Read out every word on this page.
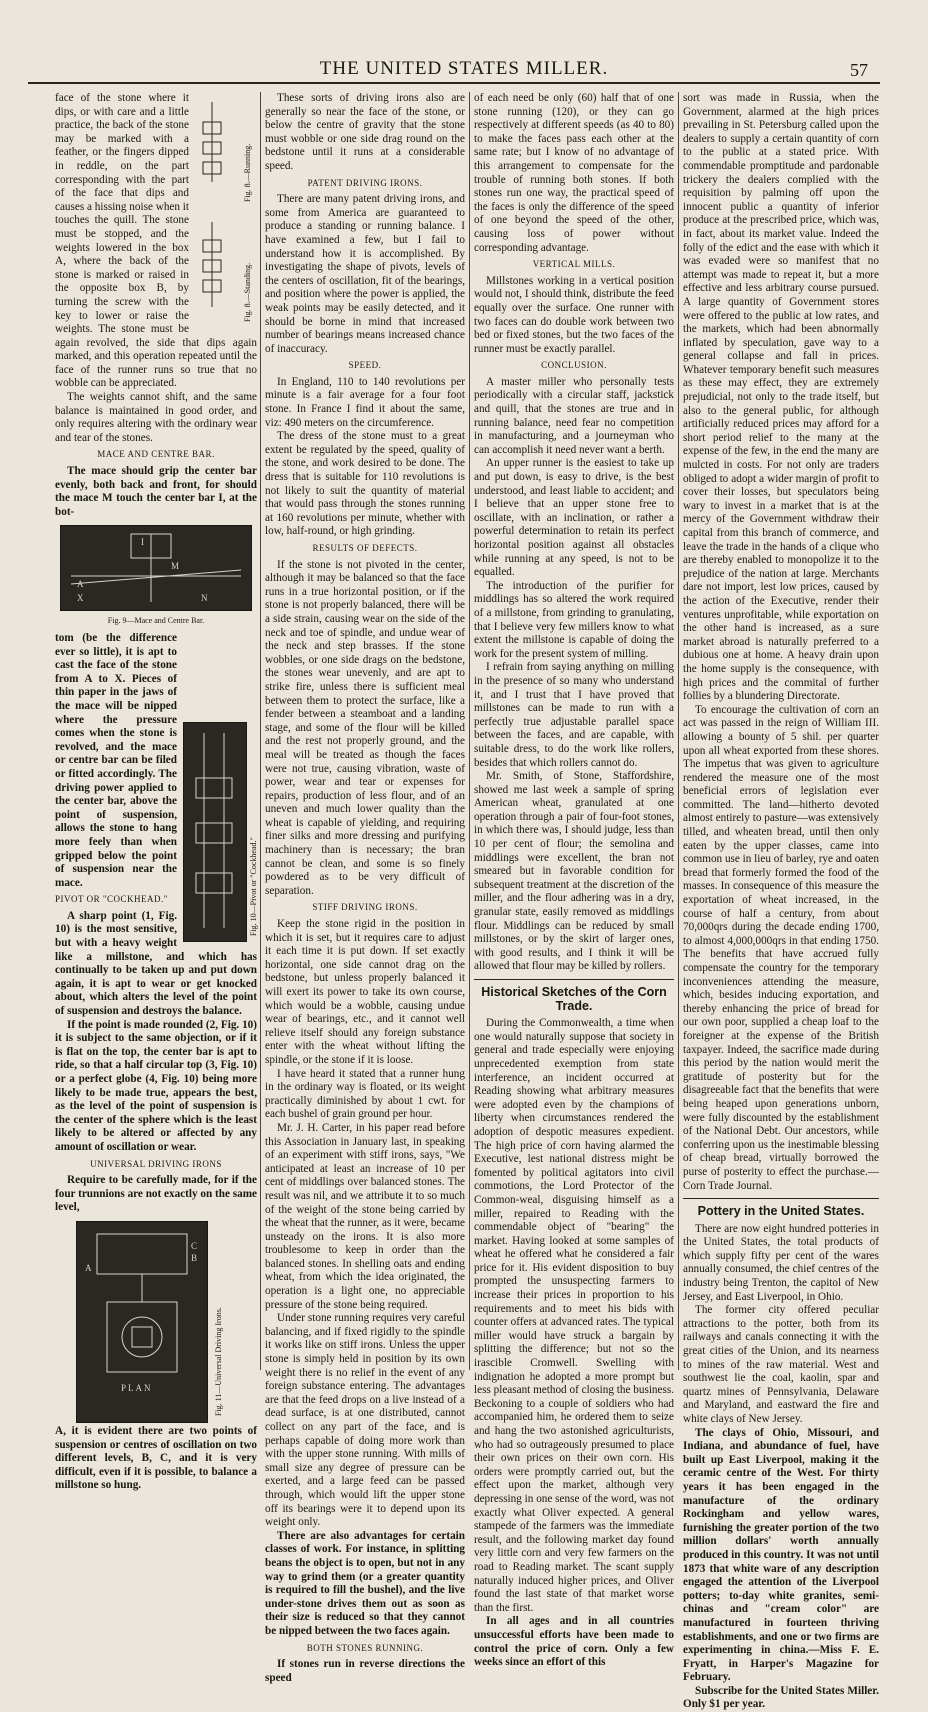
THE UNITED STATES MILLER.	57
Fig. 8.—Running.
Fig. 8.—Standing.

face of the stone where it dips, or with care and a little practice, the back of the stone may be marked with a feather, or the fingers dipped in reddle, on the part corresponding with the part of the face that dips and causes a hissing noise when it touches the quill. The stone must be stopped, and the weights lowered in the box A, where the back of the stone is marked or raised in the opposite box B, by turning the screw with the key to lower or raise the weights. The stone must be again revolved, the side that dips again marked, and this operation repeated until the face of the runner runs so true that no wobble can be appreciated.

The weights cannot shift, and the same balance is maintained in good order, and only requires altering with the ordinary wear and tear of the stones.

MACE AND CENTRE BAR.

The mace should grip the center bar evenly, both back and front, for should the mace M touch the center bar I, at the bot-

A
X
M
I
N
Fig. 9—Mace and Centre Bar.
Fig. 10—Pivot or "Cockhead."

tom (be the difference ever so little), it is apt to cast the face of the stone from A to X. Pieces of thin paper in the jaws of the mace will be nipped where the pressure comes when the stone is revolved, and the mace or centre bar can be filed or fitted accordingly. The driving power applied to the center bar, above the point of suspension, allows the stone to hang more feely than when gripped below the point of suspension near the mace.

PIVOT OR "COCKHEAD."

A sharp point (1, Fig. 10) is the most sensitive, but with a heavy weight like a millstone, and which has continually to be taken up and put down again, it is apt to wear or get knocked about, which alters the level of the point of suspension and destroys the balance.

If the point is made rounded (2, Fig. 10) it is subject to the same objection, or if it is flat on the top, the center bar is apt to ride, so that a half circular top (3, Fig. 10) or a perfect globe (4, Fig. 10) being more likely to be made true, appears the best, as the level of the point of suspension is the center of the sphere which is the least likely to be altered or affected by any amount of oscillation or wear.

UNIVERSAL DRIVING IRONS

Require to be carefully made, for if the four trunnions are not exactly on the same level,

B
C
A
PLAN	Fig. 11—Universal Driving Irons.

A, it is evident there are two points of suspension or centres of oscillation on two different levels, B, C, and it is very difficult, even if it is possible, to balance a millstone so hung.

These sorts of driving irons also are generally so near the face of the stone, or below the centre of gravity that the stone must wobble or one side drag round on the bedstone until it runs at a considerable speed.

PATENT DRIVING IRONS.

There are many patent driving irons, and some from America are guaranteed to produce a standing or running balance. I have examined a few, but I fail to understand how it is accomplished. By investigating the shape of pivots, levels of the centers of oscillation, fit of the bearings, and position where the power is applied, the weak points may be easily detected, and it should be borne in mind that increased number of bearings means increased chance of inaccuracy.

SPEED.

In England, 110 to 140 revolutions per minute is a fair average for a four foot stone. In France I find it about the same, viz: 490 meters on the circumference.

The dress of the stone must to a great extent be regulated by the speed, quality of the stone, and work desired to be done. The dress that is suitable for 110 revolutions is not likely to suit the quantity of material that would pass through the stones running at 160 revolutions per minute, whether with low, half-round, or high grinding.

RESULTS OF DEFECTS.

If the stone is not pivoted in the center, although it may be balanced so that the face runs in a true horizontal position, or if the stone is not properly balanced, there will be a side strain, causing wear on the side of the neck and toe of spindle, and undue wear of the neck and step brasses. If the stone wobbles, or one side drags on the bedstone, the stones wear unevenly, and are apt to strike fire, unless there is sufficient meal between them to protect the surface, like a fender between a steamboat and a landing stage, and some of the flour will be killed and the rest not properly ground, and the meal will be treated as though the faces were not true, causing vibration, waste of power, wear and tear or expenses for repairs, production of less flour, and of an uneven and much lower quality than the wheat is capable of yielding, and requiring finer silks and more dressing and purifying machinery than is necessary; the bran cannot be clean, and some is so finely powdered as to be very difficult of separation.

STIFF DRIVING IRONS.

Keep the stone rigid in the position in which it is set, but it requires care to adjust it each time it is put down. If set exactly horizontal, one side cannot drag on the bedstone, but unless properly balanced it will exert its power to take its own course, which would be a wobble, causing undue wear of bearings, etc., and it cannot well relieve itself should any foreign substance enter with the wheat without lifting the spindle, or the stone if it is loose.

I have heard it stated that a runner hung in the ordinary way is floated, or its weight practically diminished by about 1 cwt. for each bushel of grain ground per hour.

Mr. J. H. Carter, in his paper read before this Association in January last, in speaking of an experiment with stiff irons, says, "We anticipated at least an increase of 10 per cent of middlings over balanced stones. The result was nil, and we attribute it to so much of the weight of the stone being carried by the wheat that the runner, as it were, became unsteady on the irons. It is also more troublesome to keep in order than the balanced stones. In shelling oats and ending wheat, from which the idea originated, the operation is a light one, no appreciable pressure of the stone being required.

Under stone running requires very careful balancing, and if fixed rigidly to the spindle it works like on stiff irons. Unless the upper stone is simply held in position by its own weight there is no relief in the event of any foreign substance entering. The advantages are that the feed drops on a live instead of a dead surface, is at one distributed, cannot collect on any part of the face, and is perhaps capable of doing more work than with the upper stone running. With mills of small size any degree of pressure can be exerted, and a large feed can be passed through, which would lift the upper stone off its bearings were it to depend upon its weight only.

There are also advantages for certain classes of work. For instance, in splitting beans the object is to open, but not in any way to grind them (or a greater quantity is required to fill the bushel), and the live under-stone drives them out as soon as their size is reduced so that they cannot be nipped between the two faces again.

BOTH STONES RUNNING.

If stones run in reverse directions the speed

of each need be only (60) half that of one stone running (120), or they can go respectively at different speeds (as 40 to 80) to make the faces pass each other at the same rate; but I know of no advantage of this arrangement to compensate for the trouble of running both stones. If both stones run one way, the practical speed of the faces is only the difference of the speed of one beyond the speed of the other, causing loss of power without corresponding advantage.

VERTICAL MILLS.

Millstones working in a vertical position would not, I should think, distribute the feed equally over the surface. One runner with two faces can do double work between two bed or fixed stones, but the two faces of the runner must be exactly parallel.

CONCLUSION.

A master miller who personally tests periodically with a circular staff, jackstick and quill, that the stones are true and in running balance, need fear no competition in manufacturing, and a journeyman who can accomplish it need never want a berth.

An upper runner is the easiest to take up and put down, is easy to drive, is the best understood, and least liable to accident; and I believe that an upper stone free to oscillate, with an inclination, or rather a powerful determination to retain its perfect horizontal position against all obstacles while running at any speed, is not to be equalled.

The introduction of the purifier for middlings has so altered the work required of a millstone, from grinding to granulating, that I believe very few millers know to what extent the millstone is capable of doing the work for the present system of milling.

I refrain from saying anything on milling in the presence of so many who understand it, and I trust that I have proved that millstones can be made to run with a perfectly true adjustable parallel space between the faces, and are capable, with suitable dress, to do the work like rollers, besides that which rollers cannot do.

Mr. Smith, of Stone, Staffordshire, showed me last week a sample of spring American wheat, granulated at one operation through a pair of four-foot stones, in which there was, I should judge, less than 10 per cent of flour; the semolina and middlings were excellent, the bran not smeared but in favorable condition for subsequent treatment at the discretion of the miller, and the flour adhering was in a dry, granular state, easily removed as middlings flour. Middlings can be reduced by small millstones, or by the skirt of larger ones, with good results, and I think it will be allowed that flour may be killed by rollers.

Historical Sketches of the Corn Trade.

During the Commonwealth, a time when one would naturally suppose that society in general and trade especially were enjoying unprecedented exemption from state interference, an incident occurred at Reading showing what arbitrary measures were adopted even by the champions of liberty when circumstances rendered the adoption of despotic measures expedient. The high price of corn having alarmed the Executive, lest national distress might be fomented by political agitators into civil commotions, the Lord Protector of the Common-weal, disguising himself as a miller, repaired to Reading with the commendable object of "bearing" the market. Having looked at some samples of wheat he offered what he considered a fair price for it. His evident disposition to buy prompted the unsuspecting farmers to increase their prices in proportion to his requirements and to meet his bids with counter offers at advanced rates. The typical miller would have struck a bargain by splitting the difference; but not so the irascible Cromwell. Swelling with indignation he adopted a more prompt but less pleasant method of closing the business. Beckoning to a couple of soldiers who had accompanied him, he ordered them to seize and hang the two astonished agriculturists, who had so outrageously presumed to place their own prices on their own corn. His orders were promptly carried out, but the effect upon the market, although very depressing in one sense of the word, was not exactly what Oliver expected. A general stampede of the farmers was the immediate result, and the following market day found very little corn and very few farmers on the road to Reading market. The scant supply naturally induced higher prices, and Oliver found the last state of that market worse than the first.

In all ages and in all countries unsuccessful efforts have been made to control the price of corn. Only a few weeks since an effort of this

sort was made in Russia, when the Government, alarmed at the high prices prevailing in St. Petersburg called upon the dealers to supply a certain quantity of corn to the public at a stated price. With commendable promptitude and pardonable trickery the dealers complied with the requisition by palming off upon the innocent public a quantity of inferior produce at the prescribed price, which was, in fact, about its market value. Indeed the folly of the edict and the ease with which it was evaded were so manifest that no attempt was made to repeat it, but a more effective and less arbitrary course pursued. A large quantity of Government stores were offered to the public at low rates, and the markets, which had been abnormally inflated by speculation, gave way to a general collapse and fall in prices. Whatever temporary benefit such measures as these may effect, they are extremely prejudicial, not only to the trade itself, but also to the general public, for although artificially reduced prices may afford for a short period relief to the many at the expense of the few, in the end the many are mulcted in costs. For not only are traders obliged to adopt a wider margin of profit to cover their losses, but speculators being wary to invest in a market that is at the mercy of the Government withdraw their capital from this branch of commerce, and leave the trade in the hands of a clique who are thereby enabled to monopolize it to the prejudice of the nation at large. Merchants dare not import, lest low prices, caused by the action of the Executive, render their ventures unprofitable, while exportation on the other hand is increased, as a sure market abroad is naturally preferred to a dubious one at home. A heavy drain upon the home supply is the consequence, with high prices and the commital of further follies by a blundering Directorate.

To encourage the cultivation of corn an act was passed in the reign of William III. allowing a bounty of 5 shil. per quarter upon all wheat exported from these shores. The impetus that was given to agriculture rendered the measure one of the most beneficial errors of legislation ever committed. The land—hitherto devoted almost entirely to pasture—was extensively tilled, and wheaten bread, until then only eaten by the upper classes, came into common use in lieu of barley, rye and oaten bread that formerly formed the food of the masses. In consequence of this measure the exportation of wheat increased, in the course of half a century, from about 70,000qrs during the decade ending 1700, to almost 4,000,000qrs in that ending 1750. The benefits that have accrued fully compensate the country for the temporary inconveniences attending the measure, which, besides inducing exportation, and thereby enhancing the price of bread for our own poor, supplied a cheap loaf to the foreigner at the expense of the British taxpayer. Indeed, the sacrifice made during this period by the nation would merit the gratitude of posterity but for the disagreeable fact that the benefits that were being heaped upon generations unborn, were fully discounted by the establishment of the National Debt. Our ancestors, while conferring upon us the inestimable blessing of cheap bread, virtually borrowed the purse of posterity to effect the purchase.—Corn Trade Journal.

Pottery in the United States.

There are now eight hundred potteries in the United States, the total products of which supply fifty per cent of the wares annually consumed, the chief centres of the industry being Trenton, the capitol of New Jersey, and East Liverpool, in Ohio.

The former city offered peculiar attractions to the potter, both from its railways and canals connecting it with the great cities of the Union, and its nearness to mines of the raw material. West and southwest lie the coal, kaolin, spar and quartz mines of Pennsylvania, Delaware and Maryland, and eastward the fire and white clays of New Jersey.

The clays of Ohio, Missouri, and Indiana, and abundance of fuel, have built up East Liverpool, making it the ceramic centre of the West. For thirty years it has been engaged in the manufacture of the ordinary Rockingham and yellow wares, furnishing the greater portion of the two million dollars' worth annually produced in this country. It was not until 1873 that white ware of any description engaged the attention of the Liverpool potters; to-day white granites, semi-chinas and "cream color" are manufactured in fourteen thriving establishments, and one or two firms are experimenting in china.—Miss F. E. Fryatt, in Harper's Magazine for February.

Subscribe for the United States Miller. Only $1 per year.
